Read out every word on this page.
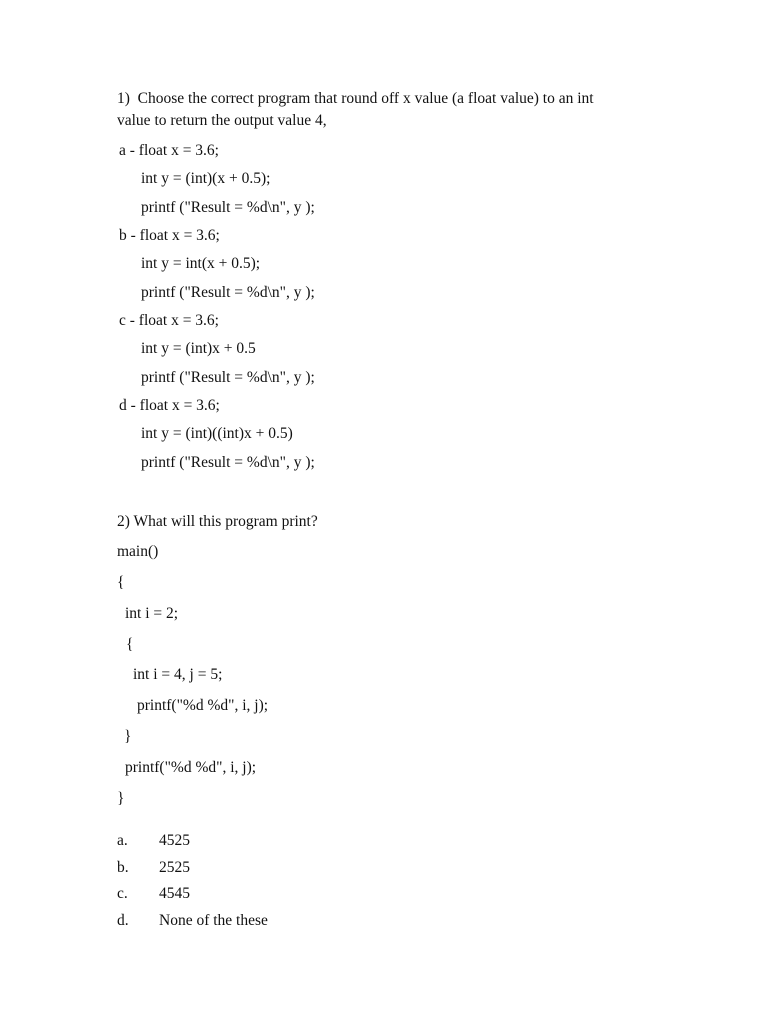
1)  Choose the correct program that round off x value (a float value) to an int
value to return the output value 4,
a - float x = 3.6;
int y = (int)(x + 0.5);
printf ("Result = %d\n", y );
b - float x = 3.6;
int y = int(x + 0.5);
printf ("Result = %d\n", y );
c - float x = 3.6;
int y = (int)x + 0.5
printf ("Result = %d\n", y );
d - float x = 3.6;
int y = (int)((int)x + 0.5)
printf ("Result = %d\n", y );
2) What will this program print?
main()
{
int i = 2;
{
int i = 4, j = 5;
printf("%d %d", i, j);
}
printf("%d %d", i, j);
}
a. 4525
b. 2525
c. 4545
d. None of the these
